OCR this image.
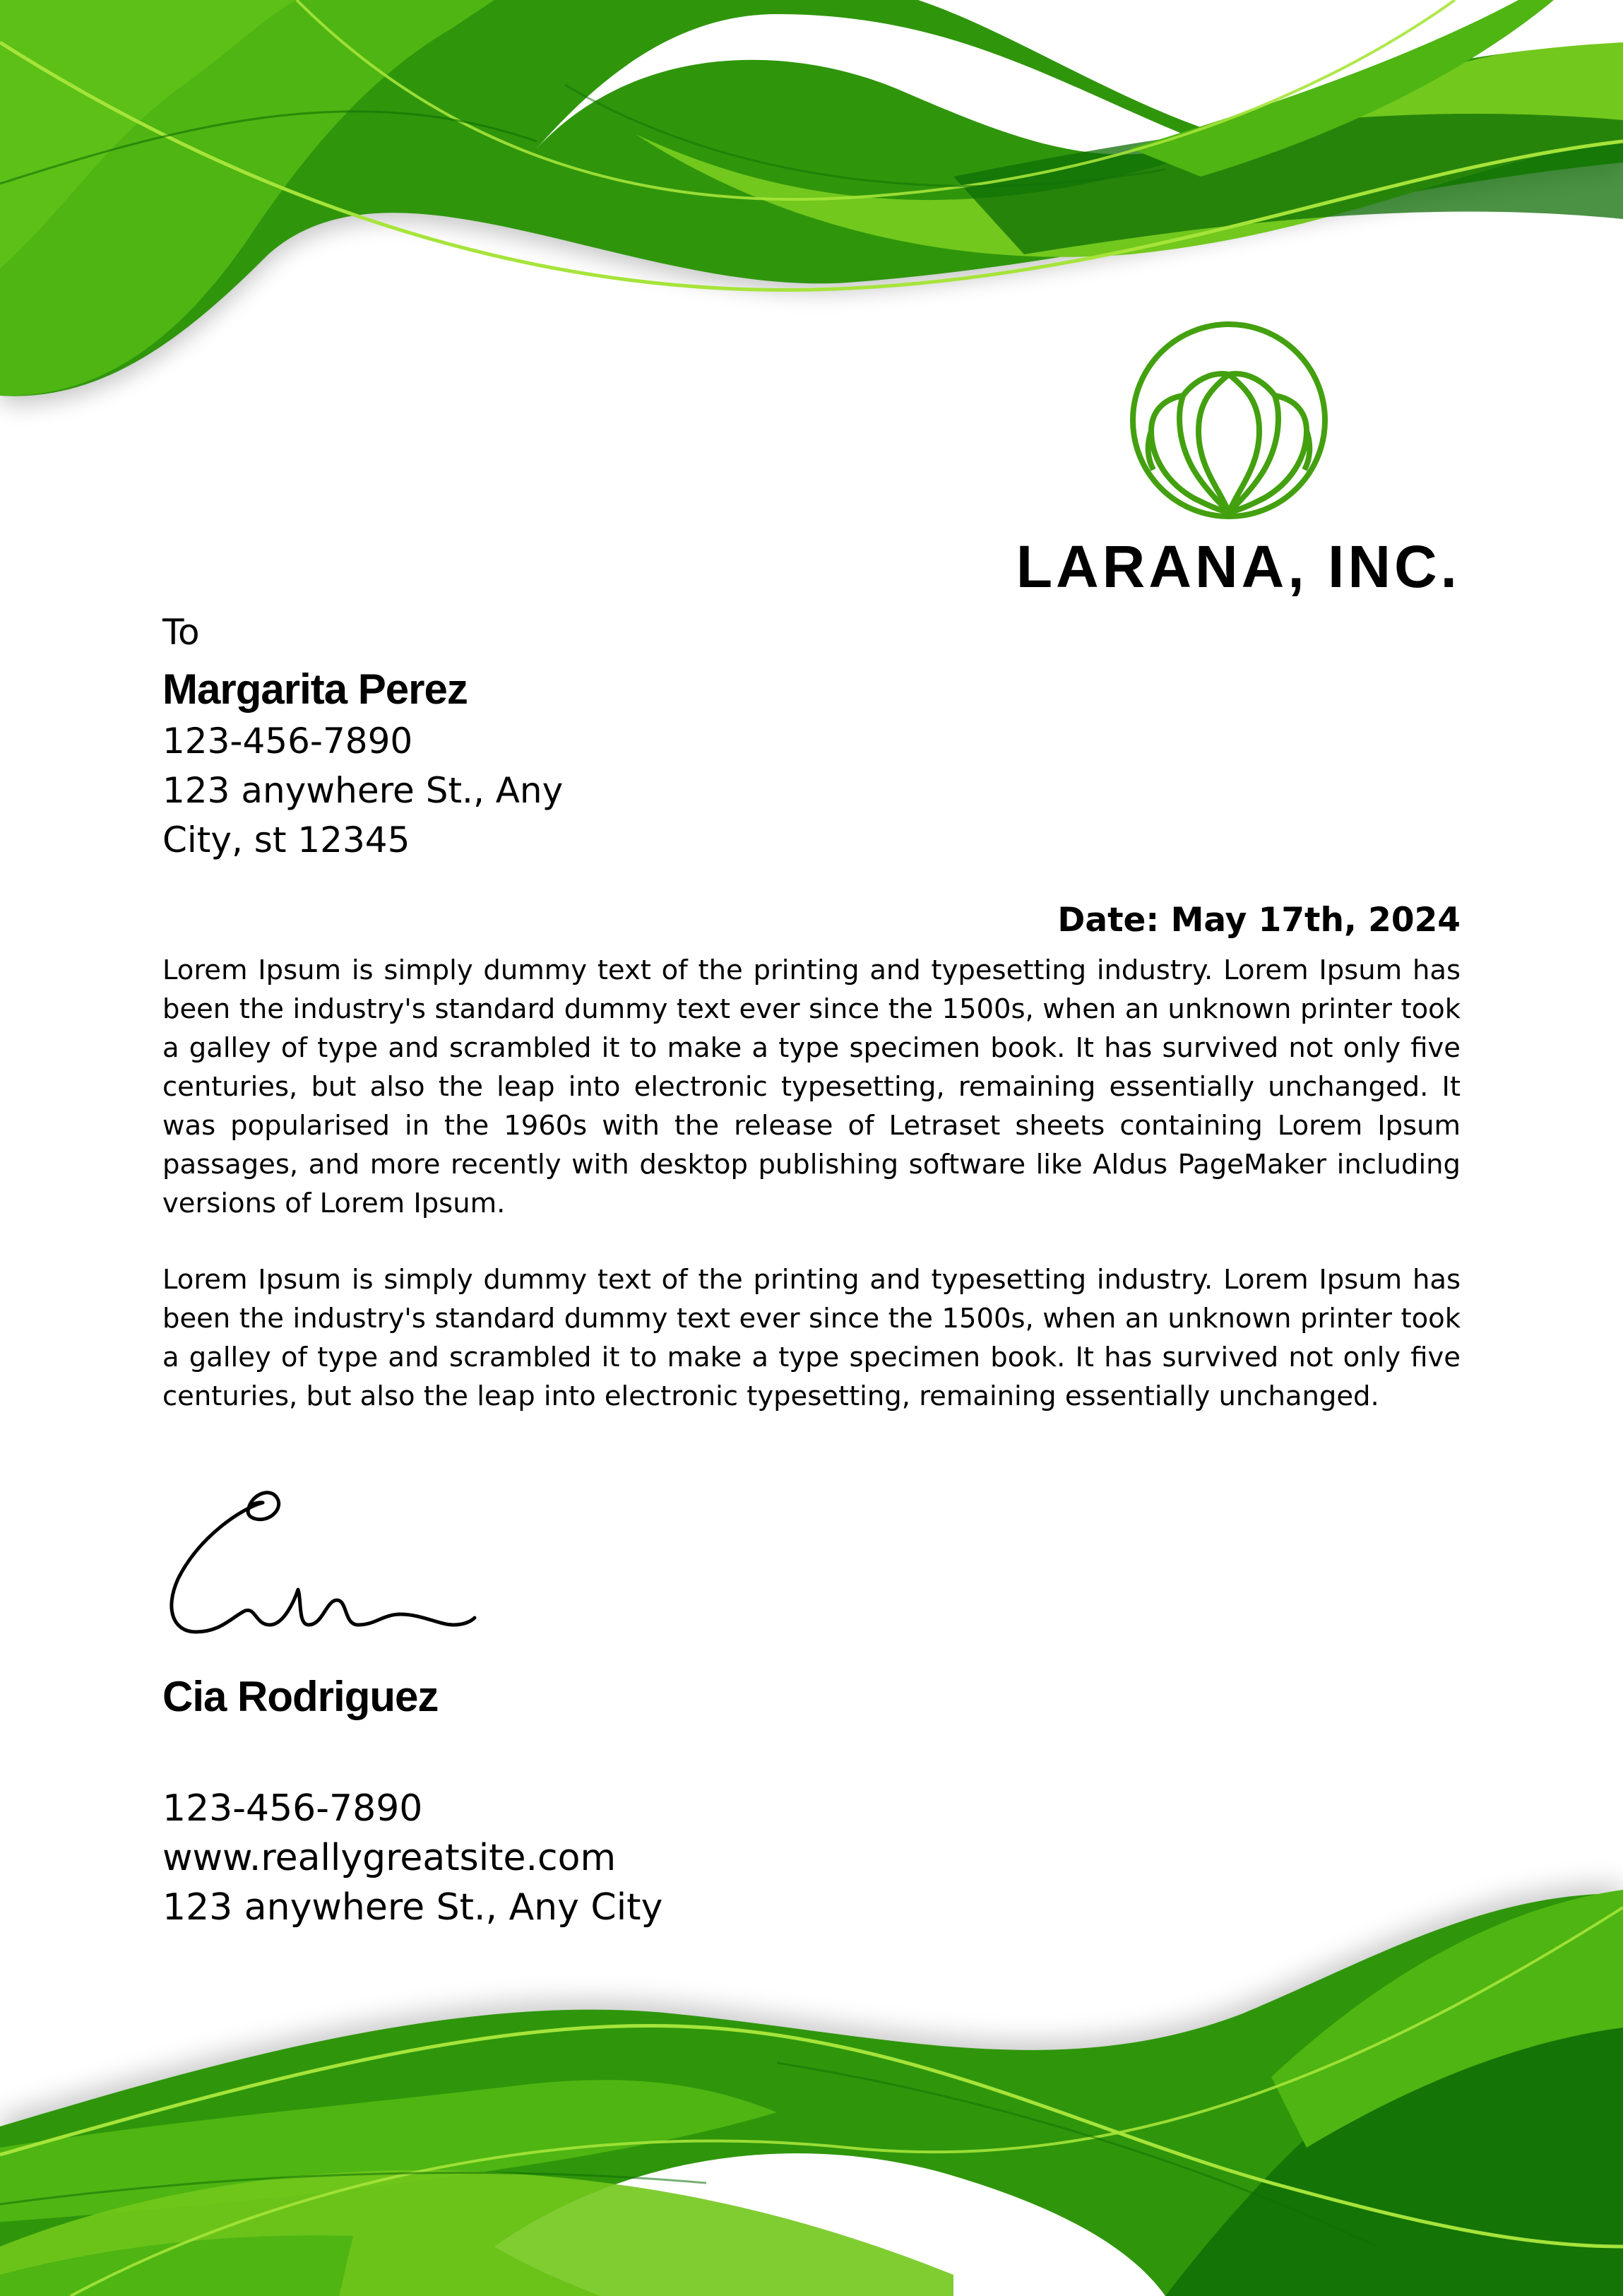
LARANA, INC.
To
Margarita Perez
123-456-7890
123 anywhere St., Any
City, st 12345
Date: May 17th, 2024

Lorem Ipsum is simply dummy text of the printing and typesetting industry. Lorem Ipsum has been the industry's standard dummy text ever since the 1500s, when an unknown printer took a galley of type and scrambled it to make a type specimen book. It has survived not only five centuries, but also the leap into electronic typesetting, remaining essentially unchanged. It was popularised in the 1960s with the release of Letraset sheets containing Lorem Ipsum passages, and more recently with desktop publishing software like Aldus PageMaker including versions of Lorem Ipsum.

Lorem Ipsum is simply dummy text of the printing and typesetting industry. Lorem Ipsum has been the industry's standard dummy text ever since the 1500s, when an unknown printer took a galley of type and scrambled it to make a type specimen book. It has survived not only five centuries, but also the leap into electronic typesetting, remaining essentially unchanged.

Cia Rodriguez
123-456-7890
www.reallygreatsite.com
123 anywhere St., Any City
